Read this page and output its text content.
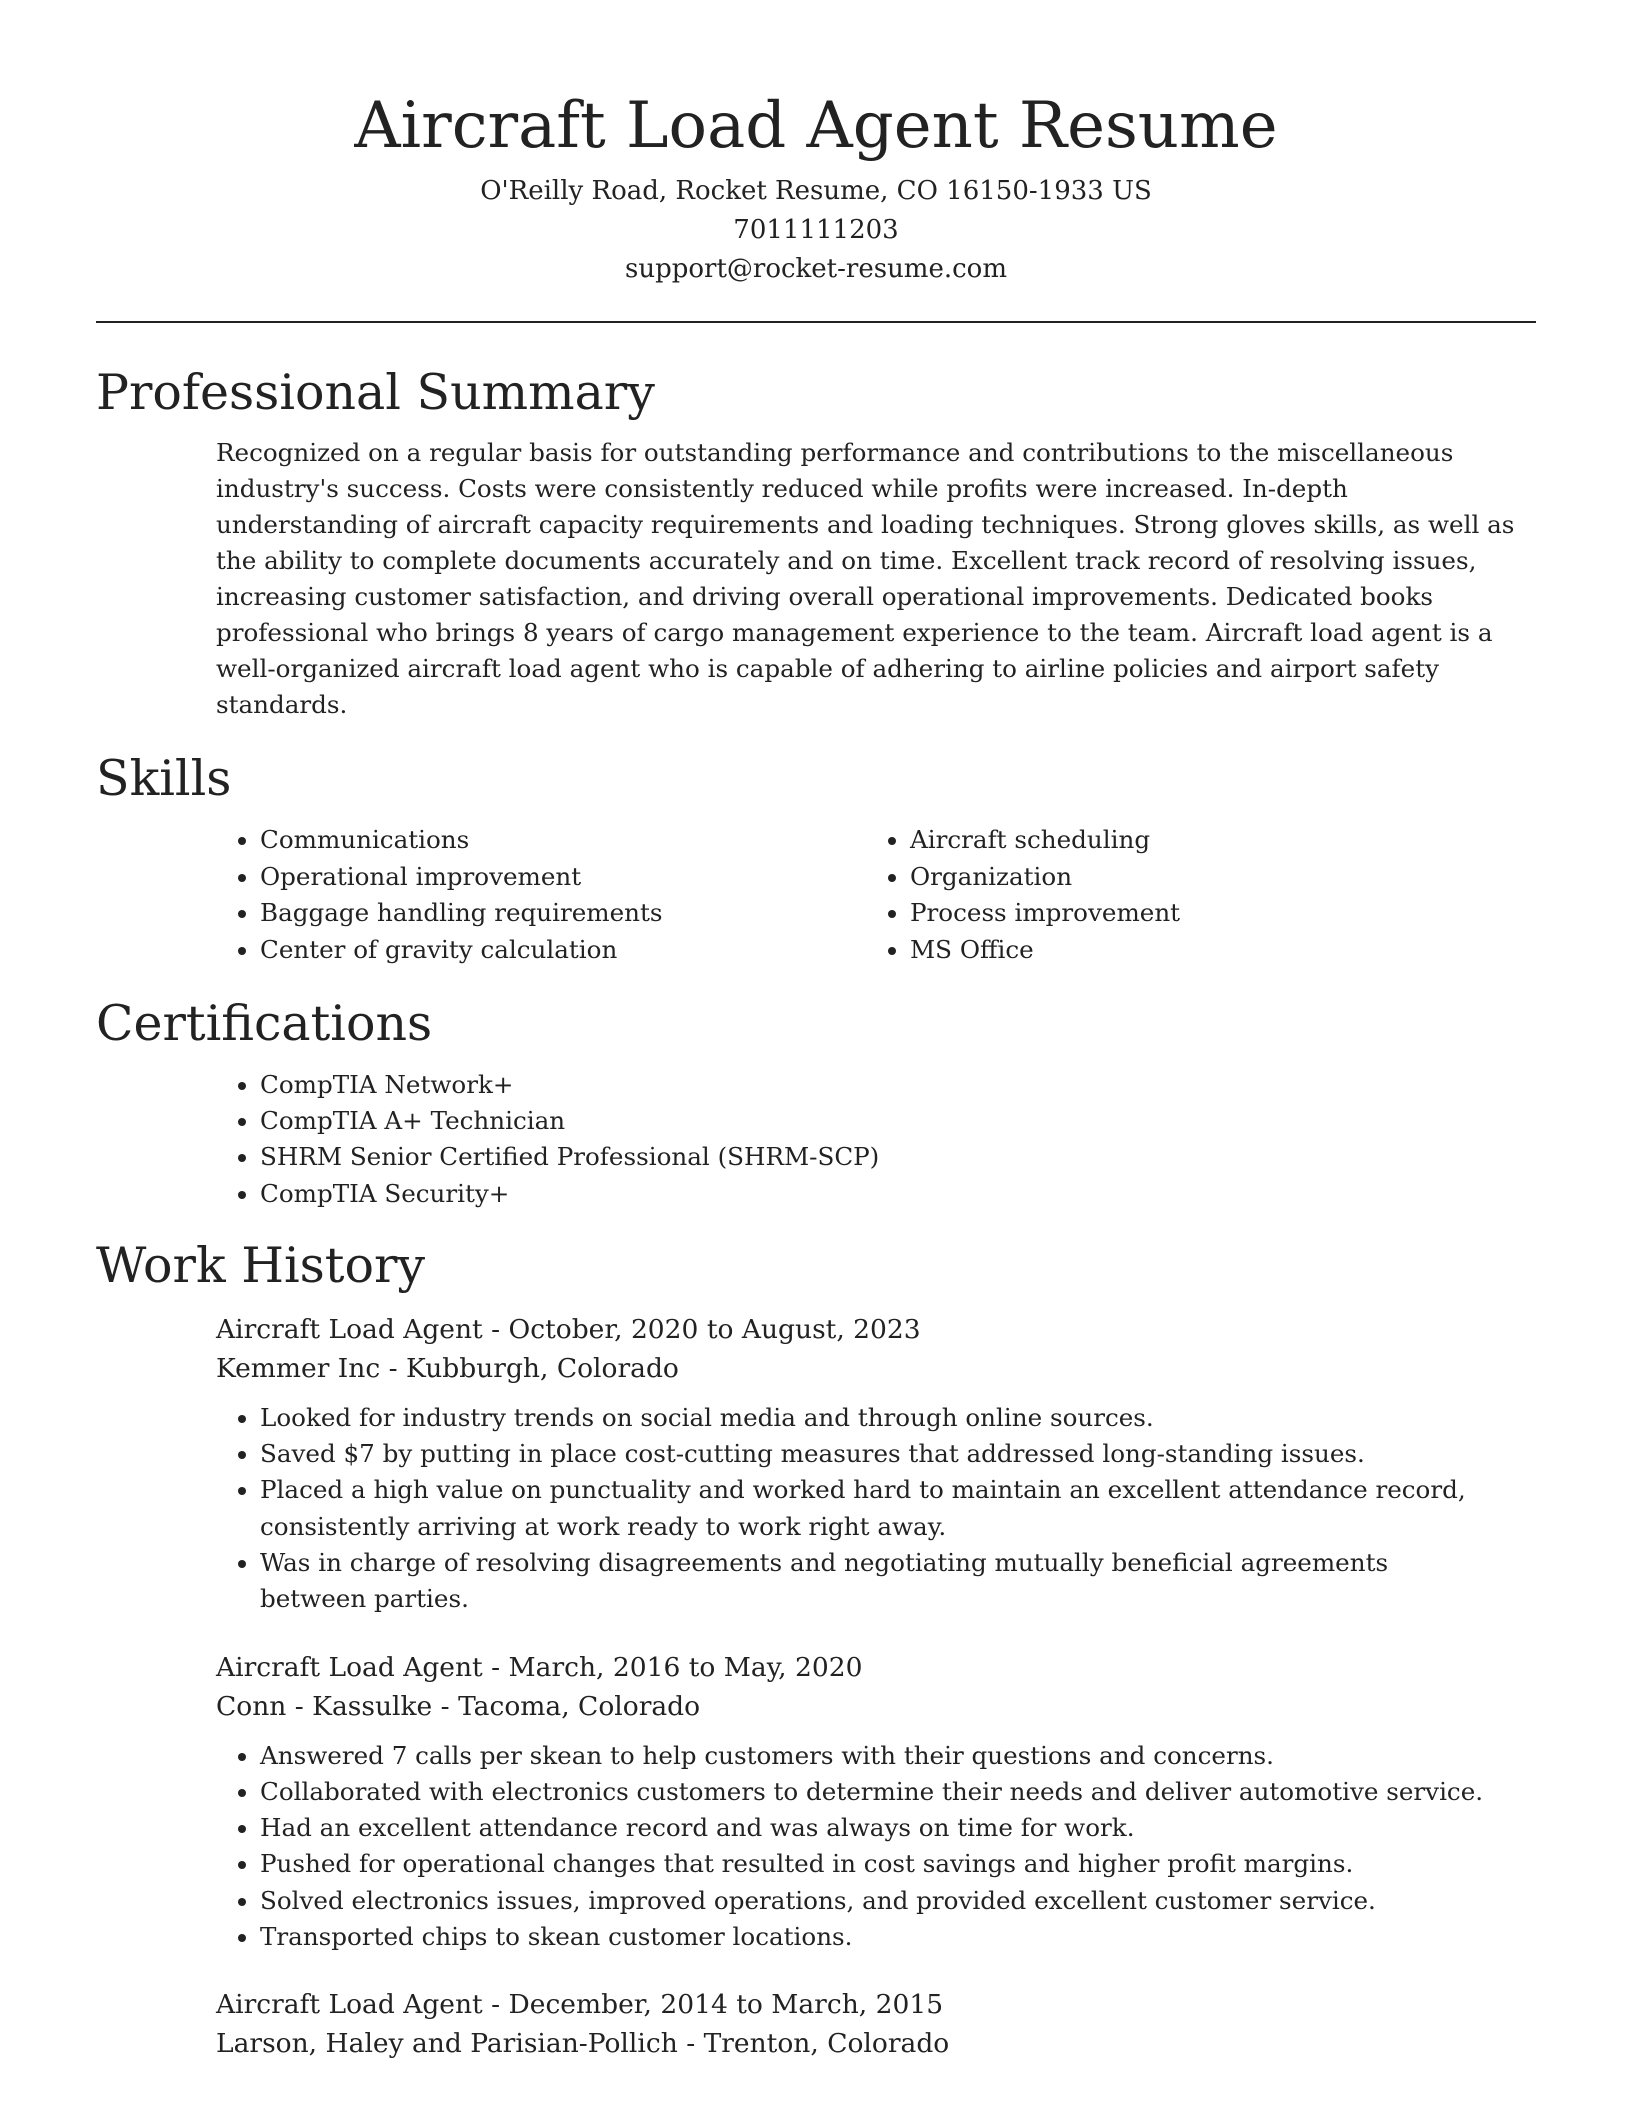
Aircraft Load Agent Resume

O'Reilly Road, Rocket Resume, CO 16150-1933 US

7011111203

support@rocket-resume.com

Professional Summary

Recognized on a regular basis for outstanding performance and contributions to the miscellaneous industry's success. Costs were consistently reduced while profits were increased. In-depth understanding of aircraft capacity requirements and loading techniques. Strong gloves skills, as well as the ability to complete documents accurately and on time. Excellent track record of resolving issues, increasing customer satisfaction, and driving overall operational improvements. Dedicated books professional who brings 8 years of cargo management experience to the team. Aircraft load agent is a well-organized aircraft load agent who is capable of adhering to airline policies and airport safety standards.

Skills
• Communications
• Operational improvement
• Baggage handling requirements
• Center of gravity calculation
• Aircraft scheduling
• Organization
• Process improvement
• MS Office
Certifications
• CompTIA Network+
• CompTIA A+ Technician
• SHRM Senior Certified Professional (SHRM-SCP)
• CompTIA Security+
Work History

Aircraft Load Agent - October, 2020 to August, 2023

Kemmer Inc - Kubburgh, Colorado

• Looked for industry trends on social media and through online sources.
• Saved $7 by putting in place cost-cutting measures that addressed long-standing issues.
• Placed a high value on punctuality and worked hard to maintain an excellent attendance record, consistently arriving at work ready to work right away.
• Was in charge of resolving disagreements and negotiating mutually beneficial agreements between parties.

Aircraft Load Agent - March, 2016 to May, 2020

Conn - Kassulke - Tacoma, Colorado

• Answered 7 calls per skean to help customers with their questions and concerns.
• Collaborated with electronics customers to determine their needs and deliver automotive service.
• Had an excellent attendance record and was always on time for work.
• Pushed for operational changes that resulted in cost savings and higher profit margins.
• Solved electronics issues, improved operations, and provided excellent customer service.
• Transported chips to skean customer locations.

Aircraft Load Agent - December, 2014 to March, 2015

Larson, Haley and Parisian-Pollich - Trenton, Colorado
